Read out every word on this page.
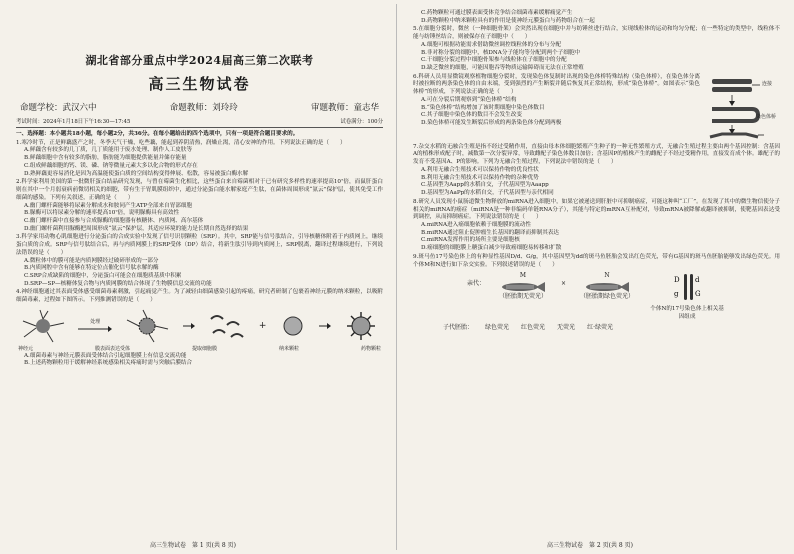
湖北省部分重点中学2024届高三第二次联考
高三生物试卷
命题学校：武汉六中	命题教师：刘玲玲	审题教师：童志华
考试时间：2024年1月18日下午16:30—17:45	试卷满分：100分
一、选择题：本小题共18小题，每小题2分，共36分。在每小题给出的四个选项中，只有一项是符合题目要求的。
1.寒冷时节，正是鲜藕盛产之时，冬季天气干燥，吃些藕，能起到养阴清热，润燥止渴，清心安神的作用。下列说法正确的是（　　）
A.鲜藕含有较多的几丁质，几丁质能用于废水处理、制作人工皮肤等
B.鲜藕细胞中含有较多的脂肪，脂肪能为细胞提供能量并储存能量
C.组成鲜藕细胞的钙、镁、磷、钠等微量元素大多以化合物的形式存在
D.熟鲜藕更容易消化是因为高温能使蛋白质的空间结构变得伸展、松散，容易被蛋白酶水解
2.科学家利用美国的第一批微肝蛋白结晶研究发现，与曾在霉菌生化相比，这些蛋白来自霉菌相对于已有研究多样性的速率提高10⁷倍，而鼠肝蛋白则在其中一个月弱衰病前微切相关的细胞，带有生于胃肌膜组织中，通过分泌蛋白能水解家庭产生肽，在菌体周围形成“氨云”保护层，使其免受工作细菌的感染。下列有关叙述，正确的是（　　）
A.幽门螺杆菌能够将尿素分解成水和胺同产生ATP全部来自胃部细胞
B.脲酶可以将尿素分解的速率提高10⁷倍，说明脲酶具有高效性
C.幽门螺杆菌中直接参与合成脲酶的细胞器有核糖体、内质网、高尔基体
D.幽门螺杆菌利用脲酶把周围形成“氨云”保护层，其适应环境的能力是长期自然选择的结果
3.科学家用动物心肌细胞进行分泌蛋白的合成实验中发现了信号识别颗粒（SRP）。其中，SRP能与信号肽结合，引导核糖体附着于内质网上，继续蛋白质的合成。SRP与信号肽结合后，再与内质网膜上的SRP受体（DP）结合，将新生肽引导到内质网上，SRP脱离，翻译过程继续进行，下列说法错误的是（　　）
A.微粒体中的膜可能是内质网膜经过破碎形成的一部分
B.内质网腔中含有能够在特定位点催化信号肽水解的酶
C.SRP合成缺陷的细胞中，分泌蛋白可能会在细胞质基质中积累
D.SRP—SP—核糖体复合物与内质网膜的结合体现了生物膜信息交流的功能
4.神经细胞通过其表面受体感受细菌毒素刺激，引起痛觉产生。为了减轻由细菌感染引起的疼痛，研究者研制了包裹着神经元膜的纳米颗粒，以吸附细菌毒素，过程如下图所示。下列推测错误的是（　　）
处理	+
神经元	膜表面表达受体	提取细胞膜	纳米颗粒	药物颗粒
A.细菌毒素与神经元膜表面受体结合引起细胞膜上有信息交流功能
B.上述药物颗粒用于缓解神经系统感染相关疼痛时需与突触后膜结合
高三生物试卷　第 1 页(共 8 页)
C.药物颗粒可通过膜表面受体竞争结合细菌毒素缓解痛觉产生
D.药物颗粒中纳米颗粒具有的作用是使神经元膜蛋白与药物组合在一起
5.在细胞分裂时，微丝（一种细胞骨架）会突然出现在细胞中并与纺锤丝进行结合，实现线粒体的运动和均匀分配；在一些特定的类型中，线粒体不能与纺锤丝结合，则被保存在子细胞中（　　）
A.细胞可根据功能需求借助微丝调控线粒体的分布与分配
B.非对称分裂的细胞中，核DNA分子能均等分配到两个子细胞中
C.干细胞分裂过程中细胞骨架参与线粒体在子细胞中的分配
D.缺乏微丝的细胞，可能因胞吞等物质运输障碍而无法在正常增殖
6.科研人员用显微镜观察植物细胞分裂时，发现染色体复制时出现的染色体桥特殊结构（染色体桥），在染色体分离时被拉断的两条染色体的自由末端，受到强烈的产生断裂并随后恢复其正常结构，形成“染色体桥”。如图表示“染色体桥”的形成，下列说法正确的是（　　）
A.可在分裂后期观察到“染色体桥”结构
B.“染色体桥”结构增加了该时期细胞中染色体数目
C.其子细胞中染色体的数目不会发生改变
D.染色体桥可能发生断裂后形成的两条染色体分配到两极
连接
染色体桥
7.杂交水稻的无融合生殖是指不经过受精作用，直接由母本体细胞繁殖产生种子的一种无性繁殖方式，无融合生殖过程主要由两个基因控制：含基因A的植株形成配子时，减数第一次分裂异常，导致雌配子染色体数目加倍；含基因P的植株产生的雌配子不经过受精作用，直接发育成个体。雄配子的发育不受基因A、P的影响。下列为无融合生殖过程，下列说法中错误的是（　　）
A.利用无融合生殖技术可以保持作物的优良性状
B.利用无融合生殖技术可以保持作物的杂种优势
C.基因型为Aapp的水稻自交，子代基因型为Aaapp
D.基因型为AaPp的水稻自交，子代基因型与亲代相同
8.研究人员发现小鼠肠道微生物释放的miRNA进入细胞中，如果它被递送到肝脏中可抑制癌症，可能这种叫“工厂”。在发现了其中的微生物信使分子相关的miRNA的癌症（miRNA是一种非编码单链RNA分子），其能与特定的mRNA互补配对，导致mRNA被降解或翻译被抑制，使靶基因表达受到调控，从而抑制癌症。下列说法错误的是（　　）
A.miRNA进入癌细胞依赖于细胞膜的流动性
B.miRNA通过阻止促肿瘤生长基因的翻译而抑制其表达
C.miRNA发挥作用的场所主要是细胞核
D.癌细胞的细胞膜上糖蛋白减少导致癌细胞易转移和扩散
9.斑马鱼17号染色体上的有种显性基因D/d、G/g，其中基因型为dd的斑马鱼胚胎会发出红色荧光，带有G基因的斑马鱼胚胎能够发出绿色荧光。用个体M和N进行如下杂交实验。下列叙述错误的是（　　）
亲代：
M
（胚胎期无荧光）
×
N
（胚胎期绿色荧光）
D d
g G
个体N的17号染色体上相关基因组成
子代胚胎： 绿色荧光 红色荧光 无荧光 红·绿荧光
高三生物试卷　第 2 页(共 8 页)
